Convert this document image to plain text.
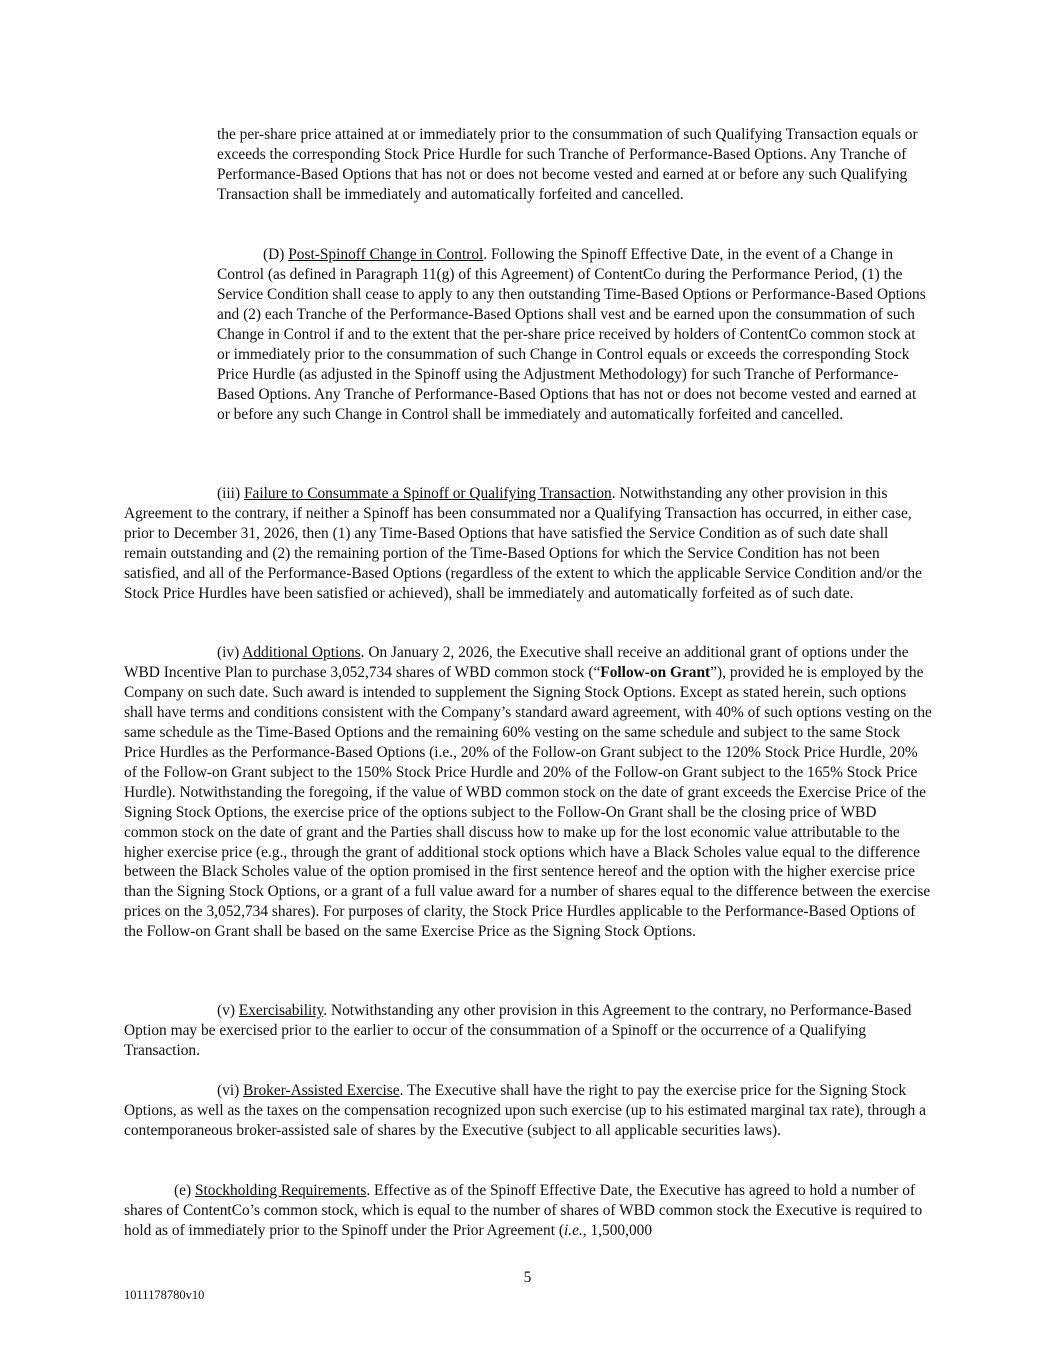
the per-share price attained at or immediately prior to the consummation of such Qualifying Transaction equals or exceeds the corresponding Stock Price Hurdle for such Tranche of Performance-Based Options. Any Tranche of Performance-Based Options that has not or does not become vested and earned at or before any such Qualifying Transaction shall be immediately and automatically forfeited and cancelled.

(D) Post-Spinoff Change in Control. Following the Spinoff Effective Date, in the event of a Change in Control (as defined in Paragraph 11(g) of this Agreement) of ContentCo during the Performance Period, (1) the Service Condition shall cease to apply to any then outstanding Time-Based Options or Performance-Based Options and (2) each Tranche of the Performance-Based Options shall vest and be earned upon the consummation of such Change in Control if and to the extent that the per-share price received by holders of ContentCo common stock at or immediately prior to the consummation of such Change in Control equals or exceeds the corresponding Stock Price Hurdle (as adjusted in the Spinoff using the Adjustment Methodology) for such Tranche of Performance-Based Options. Any Tranche of Performance-Based Options that has not or does not become vested and earned at or before any such Change in Control shall be immediately and automatically forfeited and cancelled.

(iii) Failure to Consummate a Spinoff or Qualifying Transaction. Notwithstanding any other provision in this Agreement to the contrary, if neither a Spinoff has been consummated nor a Qualifying Transaction has occurred, in either case, prior to December 31, 2026, then (1) any Time-Based Options that have satisfied the Service Condition as of such date shall remain outstanding and (2) the remaining portion of the Time-Based Options for which the Service Condition has not been satisfied, and all of the Performance-Based Options (regardless of the extent to which the applicable Service Condition and/or the Stock Price Hurdles have been satisfied or achieved), shall be immediately and automatically forfeited as of such date.

(iv) Additional Options. On January 2, 2026, the Executive shall receive an additional grant of options under the WBD Incentive Plan to purchase 3,052,734 shares of WBD common stock (“Follow-on Grant”), provided he is employed by the Company on such date. Such award is intended to supplement the Signing Stock Options. Except as stated herein, such options shall have terms and conditions consistent with the Company’s standard award agreement, with 40% of such options vesting on the same schedule as the Time-Based Options and the remaining 60% vesting on the same schedule and subject to the same Stock Price Hurdles as the Performance-Based Options (i.e., 20% of the Follow-on Grant subject to the 120% Stock Price Hurdle, 20% of the Follow-on Grant subject to the 150% Stock Price Hurdle and 20% of the Follow-on Grant subject to the 165% Stock Price Hurdle). Notwithstanding the foregoing, if the value of WBD common stock on the date of grant exceeds the Exercise Price of the Signing Stock Options, the exercise price of the options subject to the Follow-On Grant shall be the closing price of WBD common stock on the date of grant and the Parties shall discuss how to make up for the lost economic value attributable to the higher exercise price (e.g., through the grant of additional stock options which have a Black Scholes value equal to the difference between the Black Scholes value of the option promised in the first sentence hereof and the option with the higher exercise price than the Signing Stock Options, or a grant of a full value award for a number of shares equal to the difference between the exercise prices on the 3,052,734 shares). For purposes of clarity, the Stock Price Hurdles applicable to the Performance-Based Options of the Follow-on Grant shall be based on the same Exercise Price as the Signing Stock Options.

(v) Exercisability. Notwithstanding any other provision in this Agreement to the contrary, no Performance-Based Option may be exercised prior to the earlier to occur of the consummation of a Spinoff or the occurrence of a Qualifying Transaction.

(vi) Broker-Assisted Exercise. The Executive shall have the right to pay the exercise price for the Signing Stock Options, as well as the taxes on the compensation recognized upon such exercise (up to his estimated marginal tax rate), through a contemporaneous broker-assisted sale of shares by the Executive (subject to all applicable securities laws).

(e) Stockholding Requirements. Effective as of the Spinoff Effective Date, the Executive has agreed to hold a number of shares of ContentCo’s common stock, which is equal to the number of shares of WBD common stock the Executive is required to hold as of immediately prior to the Spinoff under the Prior Agreement (i.e., 1,500,000

5
1011178780v10
